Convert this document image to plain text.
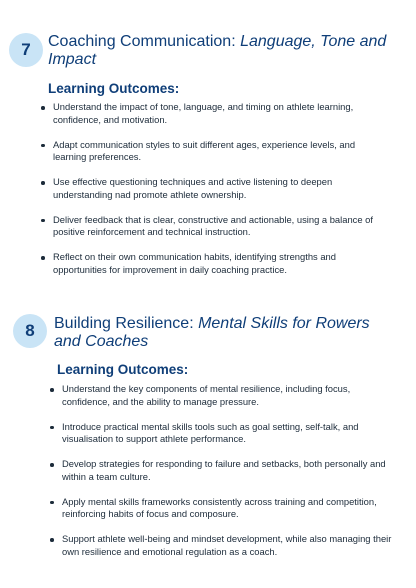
7	Coaching Communication: Language, Tone and Impact
Learning Outcomes:
Understand the impact of tone, language, and timing on athlete learning, confidence, and motivation.
Adapt communication styles to suit different ages, experience levels, and learning preferences.
Use effective questioning techniques and active listening to deepen understanding nad promote athlete ownership.
Deliver feedback that is clear, constructive and actionable, using a balance of positive reinforcement and technical instruction.
Reflect on their own communication habits, identifying strengths and opportunities for improvement in daily coaching practice.
8	Building Resilience: Mental Skills for Rowers and Coaches
Learning Outcomes:
Understand the key components of mental resilience, including focus, confidence, and the ability to manage pressure.
Introduce practical mental skills tools such as goal setting, self-talk, and visualisation to support athlete performance.
Develop strategies for responding to failure and setbacks, both personally and within a team culture.
Apply mental skills frameworks consistently across training and competition, reinforcing habits of focus and composure.
Support athlete well-being and mindset development, while also managing their own resilience and emotional regulation as a coach.
